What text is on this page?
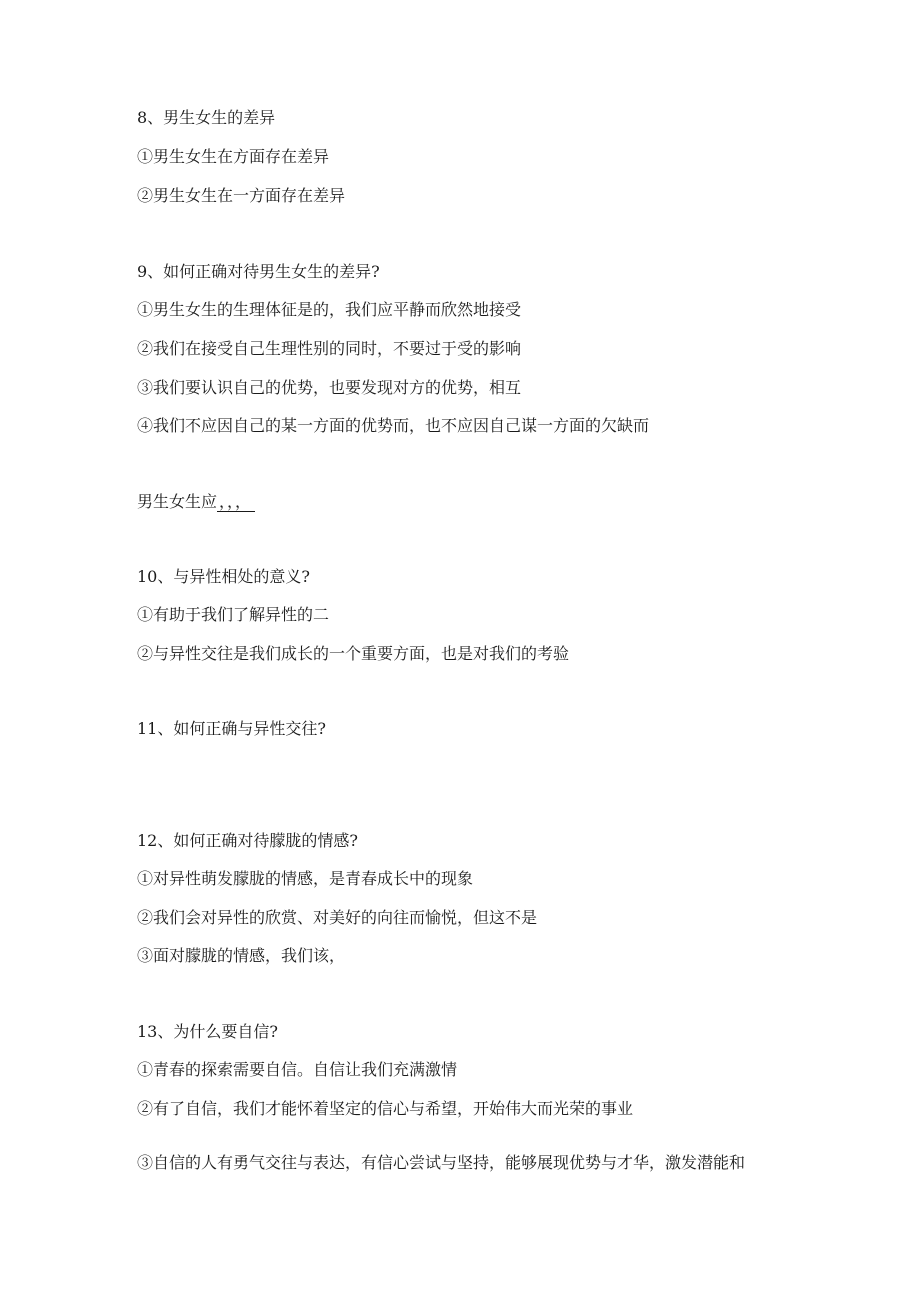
8、男生女生的差异
①男生女生在方面存在差异
②男生女生在一方面存在差异
9、如何正确对待男生女生的差异?
①男生女生的生理体征是的，我们应平静而欣然地接受
②我们在接受自己生理性别的同时，不要过于受的影响
③我们要认识自己的优势，也要发现对方的优势，相互
④我们不应因自己的某一方面的优势而，也不应因自己谋一方面的欠缺而
男生女生应 ，，，
10、与异性相处的意义?
①有助于我们了解异性的二
②与异性交往是我们成长的一个重要方面，也是对我们的考验
11、如何正确与异性交往?
12、如何正确对待朦胧的情感?
①对异性萌发朦胧的情感，是青春成长中的现象
②我们会对异性的欣赏、对美好的向往而愉悦，但这不是
③面对朦胧的情感，我们该，
13、为什么要自信?
①青春的探索需要自信。自信让我们充满激情
②有了自信，我们才能怀着坚定的信心与希望，开始伟大而光荣的事业
③自信的人有勇气交往与表达，有信心尝试与坚持，能够展现优势与才华，激发潜能和
